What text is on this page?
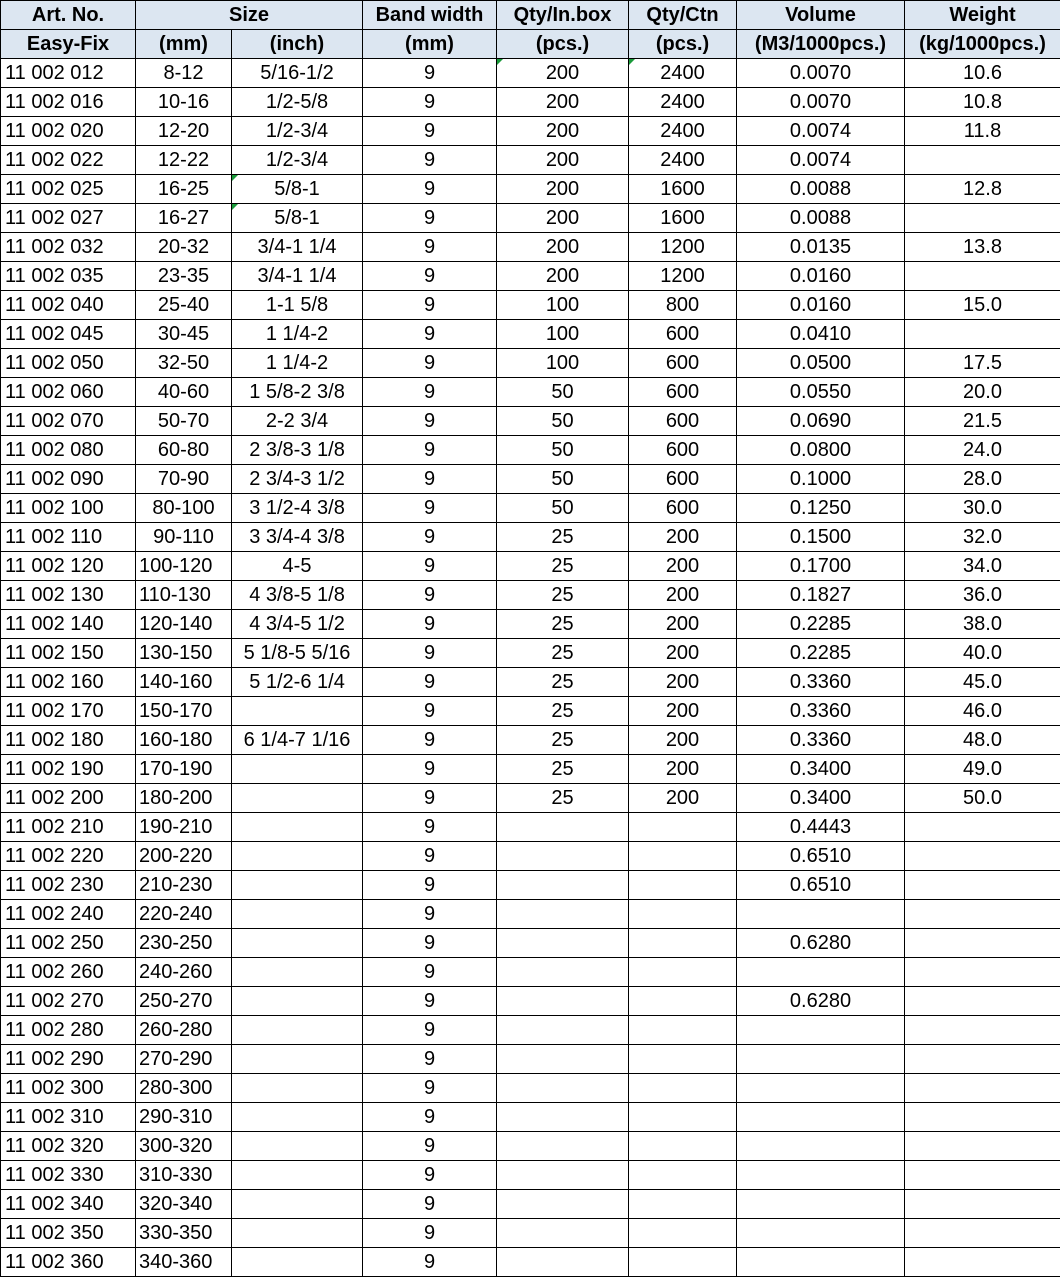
Art. No.	Size		Band width	Qty/In.box	Qty/Ctn	Volume	Weight
Easy-Fix	(mm)	(inch)	(mm)	(pcs.)	(pcs.)	(M3/1000pcs.)	(kg/1000pcs.)
11 002 012	8-12	5/16-1/2	9	200	2400	0.0070	10.6
11 002 016	10-16	1/2-5/8	9	200	2400	0.0070	10.8
11 002 020	12-20	1/2-3/4	9	200	2400	0.0074	11.8
11 002 022	12-22	1/2-3/4	9	200	2400	0.0074	
11 002 025	16-25	5/8-1	9	200	1600	0.0088	12.8
11 002 027	16-27	5/8-1	9	200	1600	0.0088	
11 002 032	20-32	3/4-1 1/4	9	200	1200	0.0135	13.8
11 002 035	23-35	3/4-1 1/4	9	200	1200	0.0160	
11 002 040	25-40	1-1 5/8	9	100	800	0.0160	15.0
11 002 045	30-45	1 1/4-2	9	100	600	0.0410	
11 002 050	32-50	1 1/4-2	9	100	600	0.0500	17.5
11 002 060	40-60	1 5/8-2 3/8	9	50	600	0.0550	20.0
11 002 070	50-70	2-2 3/4	9	50	600	0.0690	21.5
11 002 080	60-80	2 3/8-3 1/8	9	50	600	0.0800	24.0
11 002 090	70-90	2 3/4-3 1/2	9	50	600	0.1000	28.0
11 002 100	80-100	3 1/2-4 3/8	9	50	600	0.1250	30.0
11 002 110	90-110	3 3/4-4 3/8	9	25	200	0.1500	32.0
11 002 120	100-120	4-5	9	25	200	0.1700	34.0
11 002 130	110-130	4 3/8-5 1/8	9	25	200	0.1827	36.0
11 002 140	120-140	4 3/4-5 1/2	9	25	200	0.2285	38.0
11 002 150	130-150	5 1/8-5 5/16	9	25	200	0.2285	40.0
11 002 160	140-160	5 1/2-6 1/4	9	25	200	0.3360	45.0
11 002 170	150-170		9	25	200	0.3360	46.0
11 002 180	160-180	6 1/4-7 1/16	9	25	200	0.3360	48.0
11 002 190	170-190		9	25	200	0.3400	49.0
11 002 200	180-200		9	25	200	0.3400	50.0
11 002 210	190-210		9			0.4443	
11 002 220	200-220		9			0.6510	
11 002 230	210-230		9			0.6510	
11 002 240	220-240		9				
11 002 250	230-250		9			0.6280	
11 002 260	240-260		9				
11 002 270	250-270		9			0.6280	
11 002 280	260-280		9				
11 002 290	270-290		9				
11 002 300	280-300		9				
11 002 310	290-310		9				
11 002 320	300-320		9				
11 002 330	310-330		9				
11 002 340	320-340		9				
11 002 350	330-350		9				
11 002 360	340-360		9				
